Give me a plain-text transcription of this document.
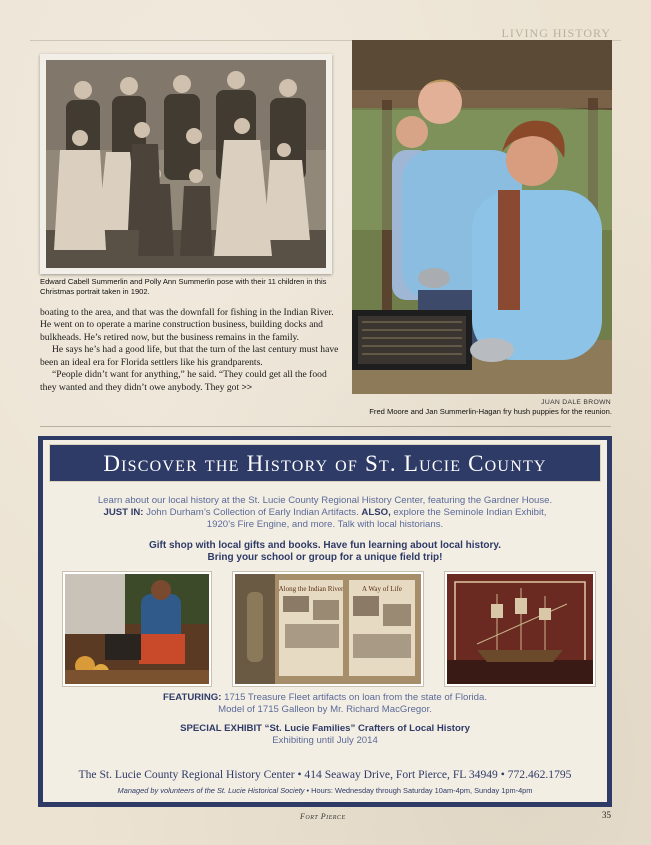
LIVING HISTORY
Edward Cabell Summerlin and Polly Ann Summerlin pose with their 11 children in this Christmas portrait taken in 1902.

boating to the area, and that was the downfall for fishing in the Indian River. He went on to operate a marine construction business, building docks and bulkheads. He’s retired now, but the business remains in the family.

He says he’s had a good life, but that the turn of the last century must have been an ideal era for Florida settlers like his grandparents.

“People didn’t want for anything,” he said. “They could get all the food they wanted and they didn’t owe anybody. They got >>

JUAN DALE BROWN
Fred Moore and Jan Summerlin-Hagan fry hush puppies for the reunion.
Discover the History of St. Lucie County
Learn about our local history at the St. Lucie County Regional History Center, featuring the Gardner House.
JUST IN: John Durham’s Collection of Early Indian Artifacts. ALSO, explore the Seminole Indian Exhibit,
1920’s Fire Engine, and more. Talk with local historians.
Gift shop with local gifts and books. Have fun learning about local history.
Bring your school or group for a unique field trip!
Along the Indian River	A Way of Life
FEATURING: 1715 Treasure Fleet artifacts on loan from the state of Florida.
Model of 1715 Galleon by Mr. Richard MacGregor.
SPECIAL EXHIBIT “St. Lucie Families” Crafters of Local History
Exhibiting until July 2014
The St. Lucie County Regional History Center • 414 Seaway Drive, Fort Pierce, FL 34949 • 772.462.1795
Managed by volunteers of the St. Lucie Historical Society • Hours: Wednesday through Saturday 10am-4pm, Sunday 1pm-4pm
Fort Pierce	35
